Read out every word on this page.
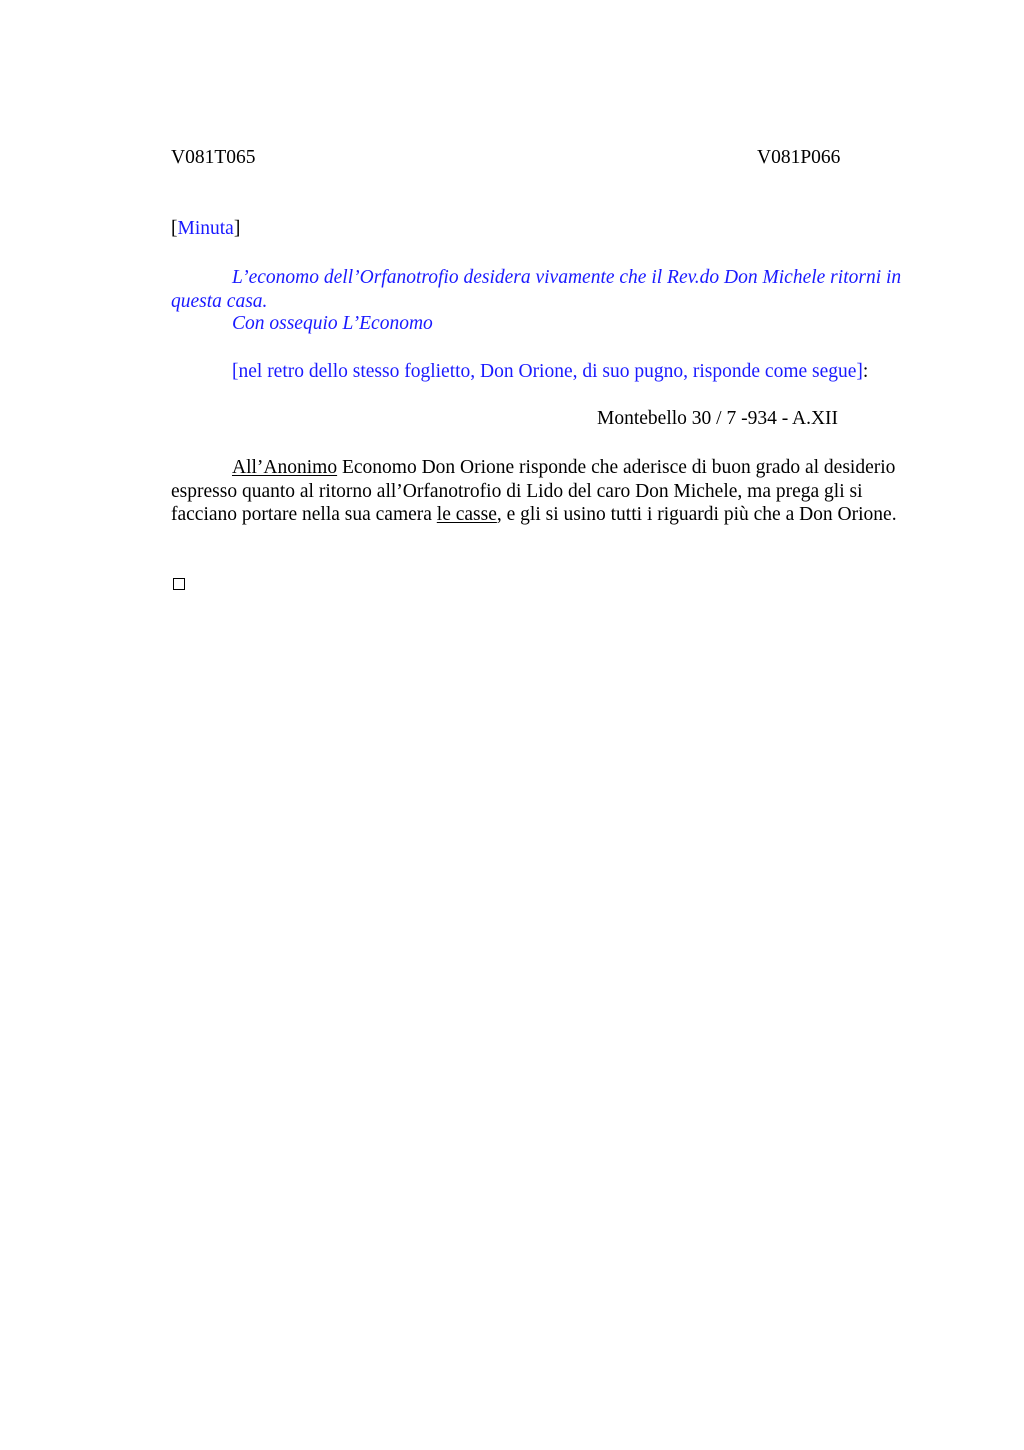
V081T065	V081P066
[Minuta]
L’economo dell’Orfanotrofio desidera vivamente che il Rev.do Don Michele ritorni in questa casa.
Con ossequio L’Economo
[nel retro dello stesso foglietto, Don Orione, di suo pugno, risponde come segue]:
Montebello 30 / 7 -934 - A.XII
All’Anonimo Economo Don Orione risponde che aderisce di buon grado al desiderio espresso quanto al ritorno all’Orfanotrofio di Lido del caro Don Michele, ma prega gli si facciano portare nella sua camera le casse, e gli si usino tutti i riguardi più che a Don Orione.
